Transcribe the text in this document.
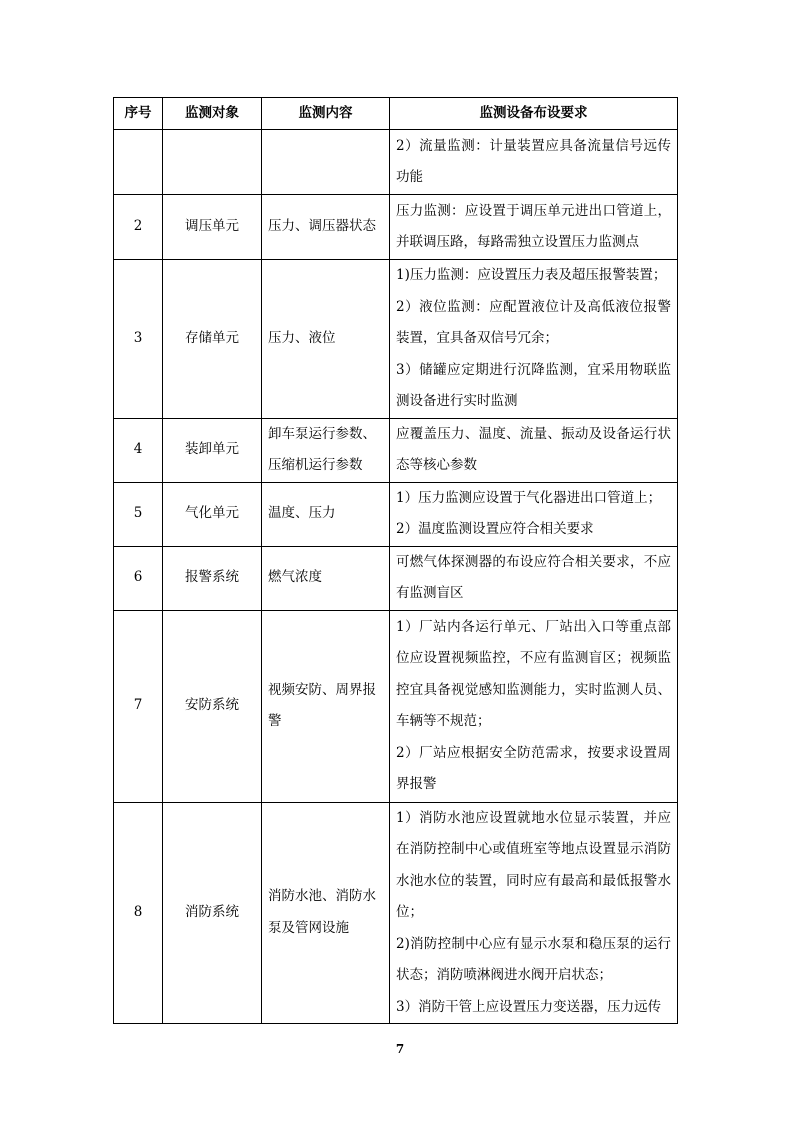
序号	监测对象	监测内容	监测设备布设要求

			2）流量监测：计量装置应具备流量信号远传功能

2	调压单元	压力、调压器状态	压力监测：应设置于调压单元进出口管道上，并联调压路，每路需独立设置压力监测点

3	存储单元	压力、液位	1)压力监测：应设置压力表及超压报警装置；
2）液位监测：应配置液位计及高低液位报警装置，宜具备双信号冗余；
3）储罐应定期进行沉降监测，宜采用物联监测设备进行实时监测

4	装卸单元	卸车泵运行参数、压缩机运行参数	应覆盖压力、温度、流量、振动及设备运行状态等核心参数

5	气化单元	温度、压力	1）压力监测应设置于气化器进出口管道上；
2）温度监测设置应符合相关要求

6	报警系统	燃气浓度	可燃气体探测器的布设应符合相关要求，不应有监测盲区

7	安防系统	视频安防、周界报警	1）厂站内各运行单元、厂站出入口等重点部位应设置视频监控，不应有监测盲区；视频监控宜具备视觉感知监测能力，实时监测人员、车辆等不规范；
2）厂站应根据安全防范需求，按要求设置周界报警

8	消防系统	消防水池、消防水泵及管网设施	1）消防水池应设置就地水位显示装置，并应在消防控制中心或值班室等地点设置显示消防水池水位的装置，同时应有最高和最低报警水位；
2)消防控制中心应有显示水泵和稳压泵的运行状态；消防喷淋阀进水阀开启状态；
3）消防干管上应设置压力变送器，压力远传
7
